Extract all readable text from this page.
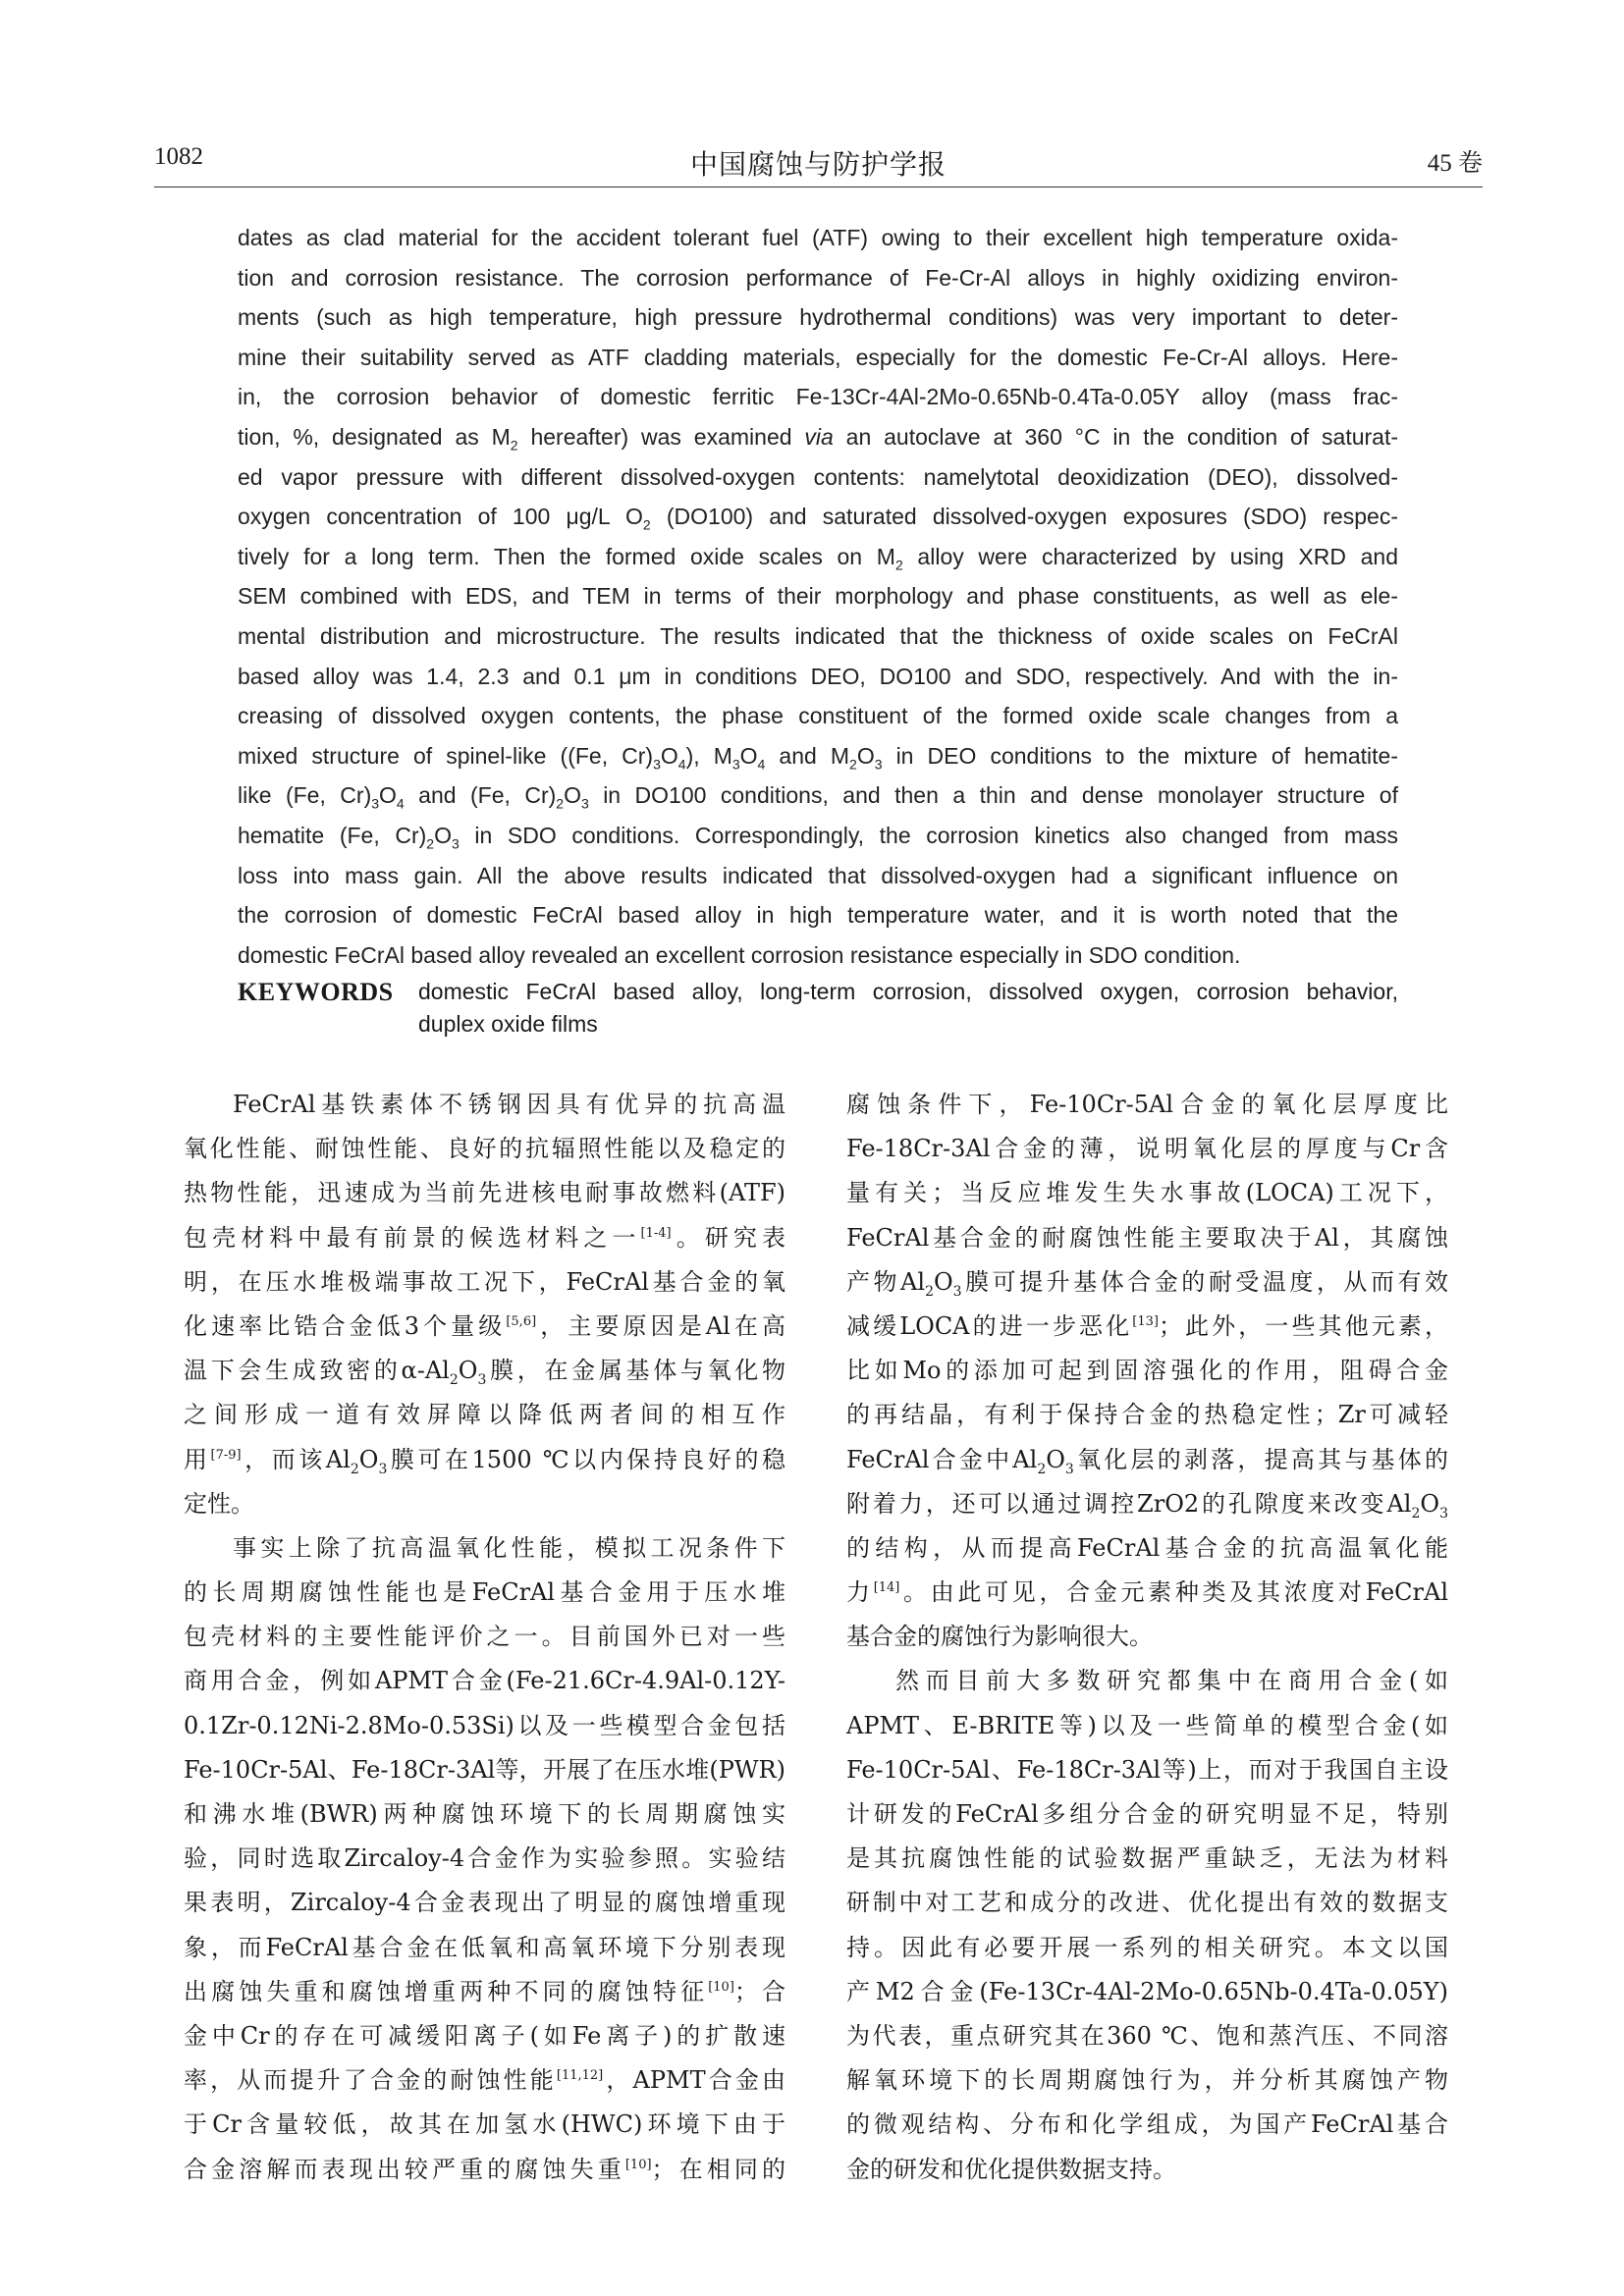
1082	中国腐蚀与防护学报	45 卷
dates as clad material for the accident tolerant fuel (ATF) owing to their excellent high temperature oxida-
tion and corrosion resistance. The corrosion performance of Fe-Cr-Al alloys in highly oxidizing environ-
ments (such as high temperature, high pressure hydrothermal conditions) was very important to deter-
mine their suitability served as ATF cladding materials, especially for the domestic Fe-Cr-Al alloys. Here-
in, the corrosion behavior of domestic ferritic Fe-13Cr-4Al-2Mo-0.65Nb-0.4Ta-0.05Y alloy (mass frac-
tion, %, designated as $M_2$ hereafter) was examined via an autoclave at 360 °C in the condition of saturat-
ed vapor pressure with different dissolved-oxygen contents: namelytotal deoxidization (DEO), dissolved-
oxygen concentration of 100 μg/L $O_2$ (DO100) and saturated dissolved-oxygen exposures (SDO) respec-
tively for a long term. Then the formed oxide scales on $M_2$ alloy were characterized by using XRD and
SEM combined with EDS, and TEM in terms of their morphology and phase constituents, as well as ele-
mental distribution and microstructure. The results indicated that the thickness of oxide scales on FeCrAl
based alloy was 1.4, 2.3 and 0.1 μm in conditions DEO, DO100 and SDO, respectively. And with the in-
creasing of dissolved oxygen contents, the phase constituent of the formed oxide scale changes from a
mixed structure of spinel-like ((Fe, $Cr)_3O_4$), $M_3O_4$ and $M_2O_3$ in DEO conditions to the mixture of hematite-
like (Fe, $Cr)_3O_4$ and (Fe, $Cr)_2O_3$ in DO100 conditions, and then a thin and dense monolayer structure of
hematite (Fe, $Cr)_2O_3$ in SDO conditions. Correspondingly, the corrosion kinetics also changed from mass
loss into mass gain. All the above results indicated that dissolved-oxygen had a significant influence on
the corrosion of domestic FeCrAl based alloy in high temperature water, and it is worth noted that the
domestic FeCrAl based alloy revealed an excellent corrosion resistance especially in SDO condition.
KEYWORDS domestic FeCrAl based alloy, long-term corrosion, dissolved oxygen, corrosion behavior,
duplex oxide films
FeCrAl基铁素体不锈钢因具有优异的抗高温
氧化性能、耐蚀性能、良好的抗辐照性能以及稳定的
热物性能，迅速成为当前先进核电耐事故燃料(ATF)
包壳材料中最有前景的候选材料之一[1-4]。研究表
明，在压水堆极端事故工况下，FeCrAl基合金的氧
化速率比锆合金低3个量级[5,6]，主要原因是Al在高
温下会生成致密的$\alpha-Al_2O_3$膜，在金属基体与氧化物
之间形成一道有效屏障以降低两者间的相互作
用[7-9]，而该$Al_2O_3$膜可在1500 ℃以内保持良好的稳
定性。
事实上除了抗高温氧化性能，模拟工况条件下
的长周期腐蚀性能也是FeCrAl基合金用于压水堆
包壳材料的主要性能评价之一。目前国外已对一些
商用合金，例如APMT合金(Fe-21.6Cr-4.9Al-0.12Y-
0.1Zr-0.12Ni-2.8Mo-0.53Si)以及一些模型合金包括
Fe-10Cr-5Al、Fe-18Cr-3Al等，开展了在压水堆(PWR)
和沸水堆(BWR)两种腐蚀环境下的长周期腐蚀实
验，同时选取Zircaloy-4合金作为实验参照。实验结
果表明，Zircaloy-4合金表现出了明显的腐蚀增重现
象，而FeCrAl基合金在低氧和高氧环境下分别表现
出腐蚀失重和腐蚀增重两种不同的腐蚀特征[10]；合
金中Cr的存在可减缓阳离子(如Fe离子)的扩散速
率，从而提升了合金的耐蚀性能[11,12]，APMT合金由
于Cr含量较低，故其在加氢水(HWC)环境下由于
合金溶解而表现出较严重的腐蚀失重[10]；在相同的
腐蚀条件下，Fe-10Cr-5Al合金的氧化层厚度比
Fe-18Cr-3Al合金的薄，说明氧化层的厚度与Cr含
量有关；当反应堆发生失水事故(LOCA)工况下，
FeCrAl基合金的耐腐蚀性能主要取决于Al，其腐蚀
产物$Al_2O_3$膜可提升基体合金的耐受温度，从而有效
减缓LOCA的进一步恶化[13]；此外，一些其他元素，
比如Mo的添加可起到固溶强化的作用，阻碍合金
的再结晶，有利于保持合金的热稳定性；Zr可减轻
FeCrAl合金中$Al_2O_3$氧化层的剥落，提高其与基体的
附着力，还可以通过调控ZrO2的孔隙度来改变$Al_2O_3$
的结构，从而提高FeCrAl基合金的抗高温氧化能
力[14]。由此可见，合金元素种类及其浓度对FeCrAl
基合金的腐蚀行为影响很大。
然而目前大多数研究都集中在商用合金(如
APMT、E-BRITE等)以及一些简单的模型合金(如
Fe-10Cr-5Al、Fe-18Cr-3Al等)上，而对于我国自主设
计研发的FeCrAl多组分合金的研究明显不足，特别
是其抗腐蚀性能的试验数据严重缺乏，无法为材料
研制中对工艺和成分的改进、优化提出有效的数据支
持。因此有必要开展一系列的相关研究。本文以国
产M2合金(Fe-13Cr-4Al-2Mo-0.65Nb-0.4Ta-0.05Y)
为代表，重点研究其在360 ℃、饱和蒸汽压、不同溶
解氧环境下的长周期腐蚀行为，并分析其腐蚀产物
的微观结构、分布和化学组成，为国产FeCrAl基合
金的研发和优化提供数据支持。
